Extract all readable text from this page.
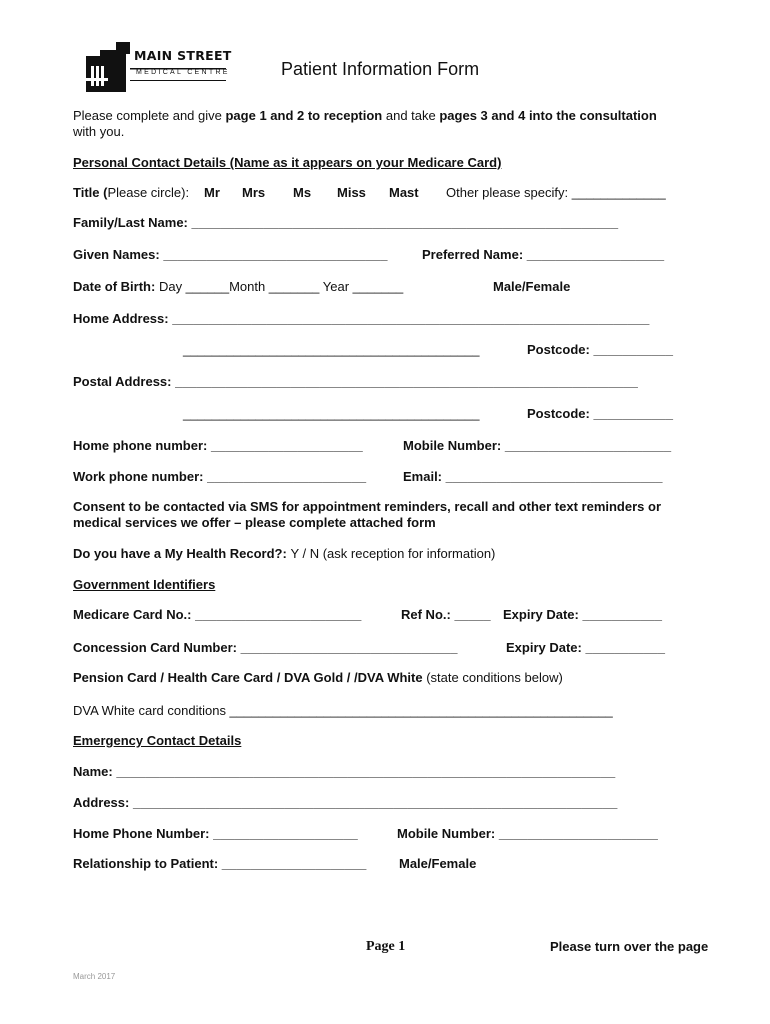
MAIN STREET
MEDICAL CENTRE	Patient Information Form
Please complete and give page 1 and 2 to reception and take pages 3 and 4 into the consultation
with you.
Personal Contact Details (Name as it appears on your Medicare Card)
Title (Please circle): Mr Mrs Ms Miss Mast Other please specify: _____________
Family/Last Name: ___________________________________________________________
Given Names: _______________________________	Preferred Name: ___________________
Date of Birth: Day ______Month _______ Year _______	Male/Female
Home Address: __________________________________________________________________
_________________________________________	Postcode: ___________
Postal Address: ________________________________________________________________
_________________________________________	Postcode: ___________
Home phone number: _____________________	Mobile Number: _______________________
Work phone number: ______________________	Email: ______________________________
Consent to be contacted via SMS for appointment reminders, recall and other text reminders or
medical services we offer – please complete attached form
Do you have a My Health Record?: Y / N (ask reception for information)
Government Identifiers
Medicare Card No.: _______________________	Ref No.: _____ Expiry Date: ___________
Concession Card Number: ______________________________	Expiry Date: ___________
Pension Card / Health Care Card / DVA Gold / /DVA White (state conditions below)
DVA White card conditions _____________________________________________________
Emergency Contact Details
Name: _____________________________________________________________________
Address: ___________________________________________________________________
Home Phone Number: ____________________	Mobile Number: ______________________
Relationship to Patient: ____________________	Male/Female
Page 1	Please turn over the page
March 2017
